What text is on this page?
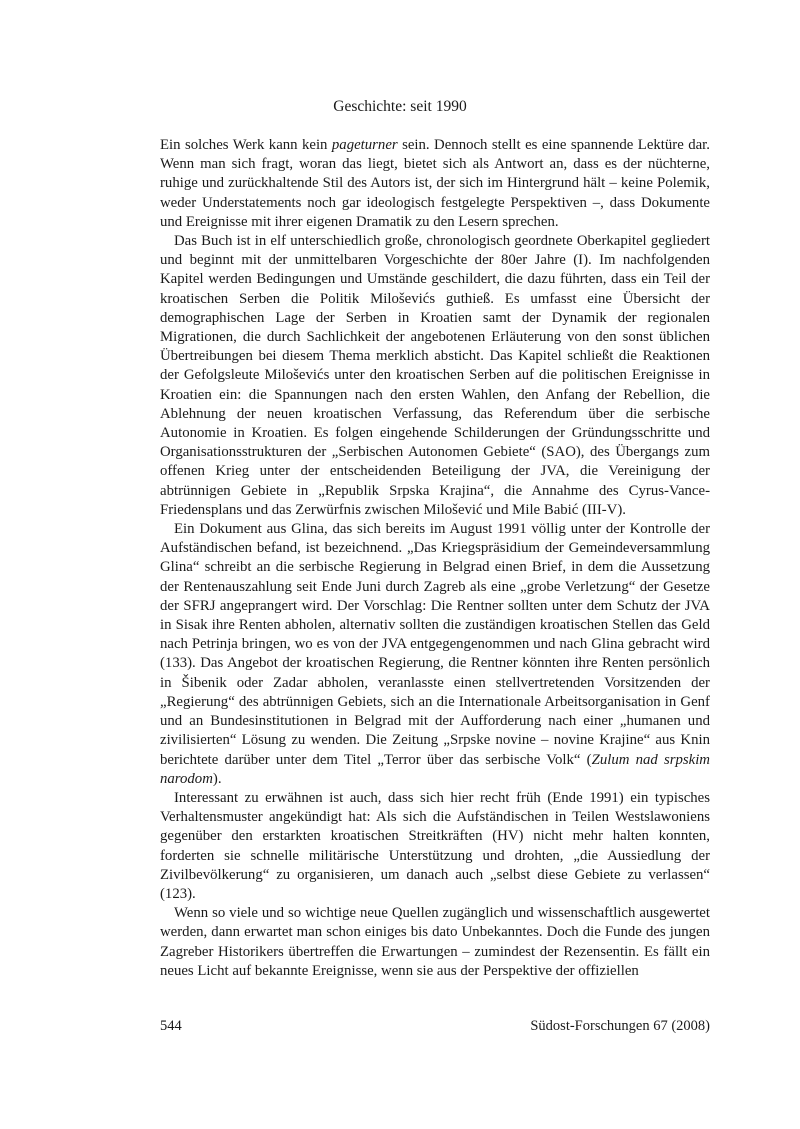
Geschichte: seit 1990

Ein solches Werk kann kein pageturner sein. Dennoch stellt es eine spannende Lektüre dar. Wenn man sich fragt, woran das liegt, bietet sich als Antwort an, dass es der nüchterne, ruhige und zurückhaltende Stil des Autors ist, der sich im Hintergrund hält – keine Polemik, weder Understatements noch gar ideologisch festgelegte Perspektiven –, dass Dokumente und Ereignisse mit ihrer eigenen Dramatik zu den Lesern sprechen.

Das Buch ist in elf unterschiedlich große, chronologisch geordnete Oberkapitel gegliedert und beginnt mit der unmittelbaren Vorgeschichte der 80er Jahre (I). Im nachfolgenden Kapitel werden Bedingungen und Umstände geschildert, die dazu führten, dass ein Teil der kroatischen Serben die Politik Miloševićs guthieß. Es umfasst eine Übersicht der demographischen Lage der Serben in Kroatien samt der Dynamik der regionalen Migrationen, die durch Sachlichkeit der angebotenen Erläuterung von den sonst üblichen Übertreibungen bei diesem Thema merklich absticht. Das Kapitel schließt die Reaktionen der Gefolgsleute Miloševićs unter den kroatischen Serben auf die politischen Ereignisse in Kroatien ein: die Spannungen nach den ersten Wahlen, den Anfang der Rebellion, die Ablehnung der neuen kroatischen Verfassung, das Referendum über die serbische Autonomie in Kroatien. Es folgen eingehende Schilderungen der Gründungsschritte und Organisationsstrukturen der „Serbischen Autonomen Gebiete“ (SAO), des Übergangs zum offenen Krieg unter der entscheidenden Beteiligung der JVA, die Vereinigung der abtrünnigen Gebiete in „Republik Srpska Krajina“, die Annahme des Cyrus-Vance-Friedensplans und das Zerwürfnis zwischen Milošević und Mile Babić (III-V).

Ein Dokument aus Glina, das sich bereits im August 1991 völlig unter der Kontrolle der Aufständischen befand, ist bezeichnend. „Das Kriegspräsidium der Gemeindeversammlung Glina“ schreibt an die serbische Regierung in Belgrad einen Brief, in dem die Aussetzung der Rentenauszahlung seit Ende Juni durch Zagreb als eine „grobe Verletzung“ der Gesetze der SFRJ angeprangert wird. Der Vorschlag: Die Rentner sollten unter dem Schutz der JVA in Sisak ihre Renten abholen, alternativ sollten die zuständigen kroatischen Stellen das Geld nach Petrinja bringen, wo es von der JVA entgegengenommen und nach Glina gebracht wird (133). Das Angebot der kroatischen Regierung, die Rentner könnten ihre Renten persönlich in Šibenik oder Zadar abholen, veranlasste einen stellvertretenden Vorsitzenden der „Regierung“ des abtrünnigen Gebiets, sich an die Internationale Arbeitsorganisation in Genf und an Bundesinstitutionen in Belgrad mit der Aufforderung nach einer „humanen und zivilisierten“ Lösung zu wenden. Die Zeitung „Srpske novine – novine Krajine“ aus Knin berichtete darüber unter dem Titel „Terror über das serbische Volk“ (Zulum nad srpskim narodom).

Interessant zu erwähnen ist auch, dass sich hier recht früh (Ende 1991) ein typisches Verhaltensmuster angekündigt hat: Als sich die Aufständischen in Teilen Westslawoniens gegenüber den erstarkten kroatischen Streitkräften (HV) nicht mehr halten konnten, forderten sie schnelle militärische Unterstützung und drohten, „die Aussiedlung der Zivilbevölkerung“ zu organisieren, um danach auch „selbst diese Gebiete zu verlassen“ (123).

Wenn so viele und so wichtige neue Quellen zugänglich und wissenschaftlich ausgewertet werden, dann erwartet man schon einiges bis dato Unbekanntes. Doch die Funde des jungen Zagreber Historikers übertreffen die Erwartungen – zumindest der Rezensentin. Es fällt ein neues Licht auf bekannte Ereignisse, wenn sie aus der Perspektive der offiziellen

544	Südost-Forschungen 67 (2008)
